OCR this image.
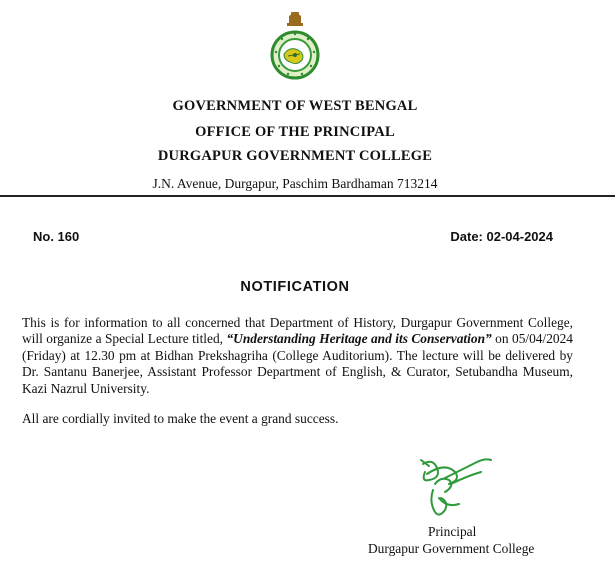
GOVERNMENT OF WEST BENGAL
OFFICE OF THE PRINCIPAL
DURGAPUR GOVERNMENT COLLEGE
J.N. Avenue, Durgapur, Paschim Bardhaman 713214
No. 160	Date: 02-04-2024
NOTIFICATION
This is for information to all concerned that Department of History, Durgapur Government College, will organize a Special Lecture titled, “Understanding Heritage and its Conservation” on 05/04/2024 (Friday) at 12.30 pm at Bidhan Prekshagriha (College Auditorium). The lecture will be delivered by Dr. Santanu Banerjee, Assistant Professor Department of English, & Curator, Setubandha Museum, Kazi Nazrul University.
All are cordially invited to make the event a grand success.
Principal
Durgapur Government College
